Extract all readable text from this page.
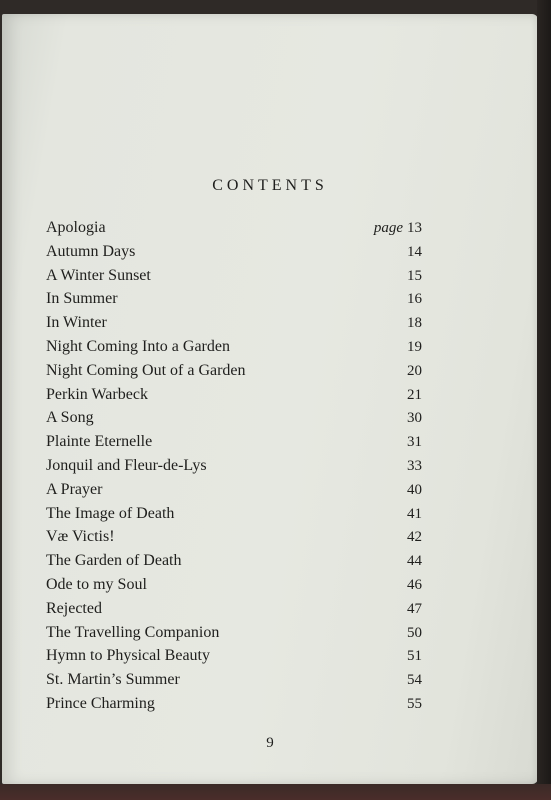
CONTENTS
Apologia	page 13
Autumn Days	14
A Winter Sunset	15
In Summer	16
In Winter	18
Night Coming Into a Garden	19
Night Coming Out of a Garden	20
Perkin Warbeck	21
A Song	30
Plainte Eternelle	31
Jonquil and Fleur-de-Lys	33
A Prayer	40
The Image of Death	41
Væ Victis!	42
The Garden of Death	44
Ode to my Soul	46
Rejected	47
The Travelling Companion	50
Hymn to Physical Beauty	51
St. Martin’s Summer	54
Prince Charming	55
9
